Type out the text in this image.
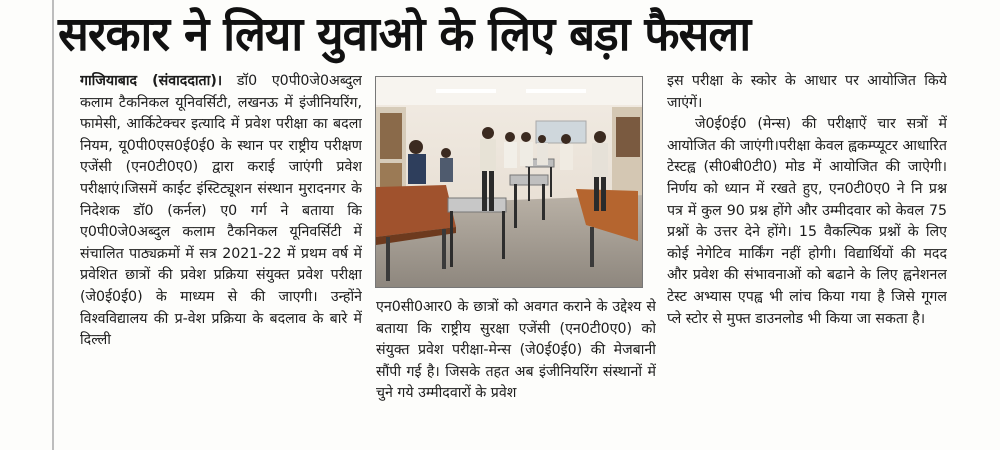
सरकार ने लिया युवाओ के लिए बड़ा फैसला

गाजियाबाद (संवाददाता)। डॉ0 ए0पी0जे0अब्दुल कलाम टैकनिकल यूनिवर्सिटी, लखनऊ में इंजीनियरिंग, फामेसी, आर्किटेक्चर इत्यादि में प्रवेश परीक्षा का बदला नियम, यू0पी0एस0ई0ई0 के स्थान पर राष्ट्रीय परीक्षण एजेंसी (एन0टी0ए0) द्वारा कराई जाएंगी प्रवेश परीक्षाएं।जिसमें काईट इंस्टिट्यूशन संस्थान मुरादनगर के निदेशक डॉ0 (कर्नल) ए0 गर्ग ने बताया कि ए0पी0जे0अब्दुल कलाम टैकनिकल यूनिवर्सिटी में संचालित पाठ्यक्रमों में सत्र 2021-22 में प्रथम वर्ष में प्रवेशित छात्रों की प्रवेश प्रक्रिया संयुक्त प्रवेश परीक्षा (जे0ई0ई0) के माध्यम से की जाएगी। उन्होंने विश्वविद्यालय की प्र-वेश प्रक्रिया के बदलाव के बारे में दिल्ली

एन0सी0आर0 के छात्रों को अवगत कराने के उद्देश्य से बताया कि राष्ट्रीय सुरक्षा एजेंसी (एन0टी0ए0) को संयुक्त प्रवेश परीक्षा-मेन्स (जे0ई0ई0) की मेजबानी सौंपी गई है। जिसके तहत अब इंजीनियरिंग संस्थानों में चुने गये उम्मीदवारों के प्रवेश

इस परीक्षा के स्कोर के आधार पर आयोजित किये जाएंगें।

जे0ई0ई0 (मेन्स) की परीक्षाऐं चार सत्रों में आयोजित की जाएंगी।परीक्षा केवल ह्वकम्प्यूटर आधारित टेस्टह्व (सी0बी0टी0) मोड में आयोजित की जाऐगी।निर्णय को ध्यान में रखते हुए, एन0टी0ए0 ने नि प्रश्न पत्र में कुल 90 प्रश्न होंगे और उम्मीदवार को केवल 75 प्रश्नों के उत्तर देने होंगे। 15 वैकल्पिक प्रश्नों के लिए कोई नेगेटिव मार्किंग नहीं होगी। विद्यार्थियों की मदद और प्रवेश की संभावनाओं को बढाने के लिए ह्वनेशनल टेस्ट अभ्यास एपह्व भी लांच किया गया है जिसे गूगल प्ले स्टोर से मुफ्त डाउनलोड भी किया जा सकता है।
